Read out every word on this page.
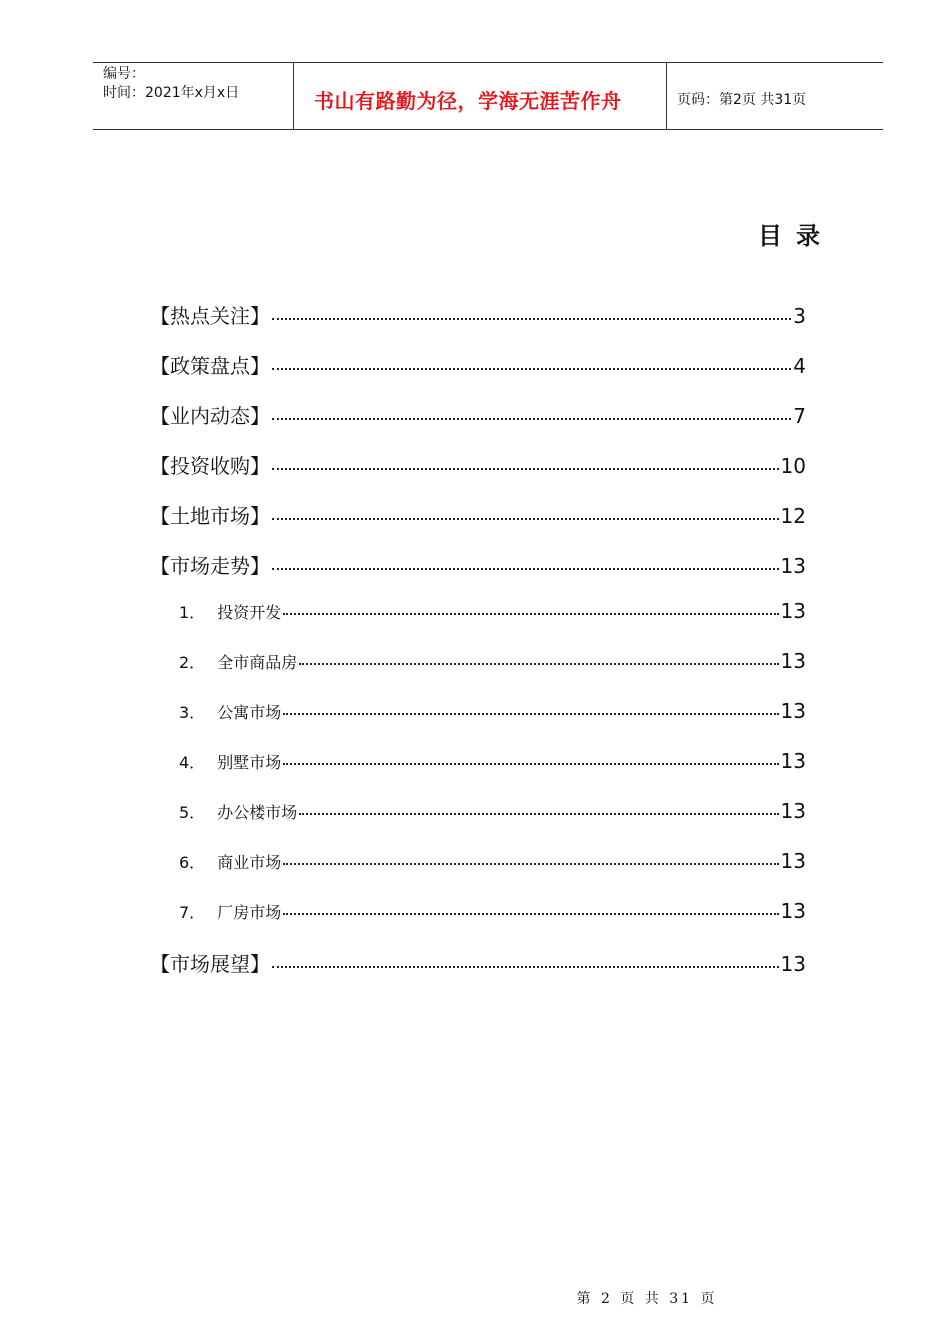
编号：
时间：2021年x月x日	书山有路勤为径，学海无涯苦作舟	页码：第2页 共31页
目录
【热点关注】	3
【政策盘点】	4
【业内动态】	7
【投资收购】	10
【土地市场】	12
【市场走势】	13
1． 投资开发	13
2． 全市商品房	13
3． 公寓市场	13
4． 别墅市场	13
5． 办公楼市场	13
6． 商业市场	13
7． 厂房市场	13
【市场展望】	13
第 2 页 共 31 页
